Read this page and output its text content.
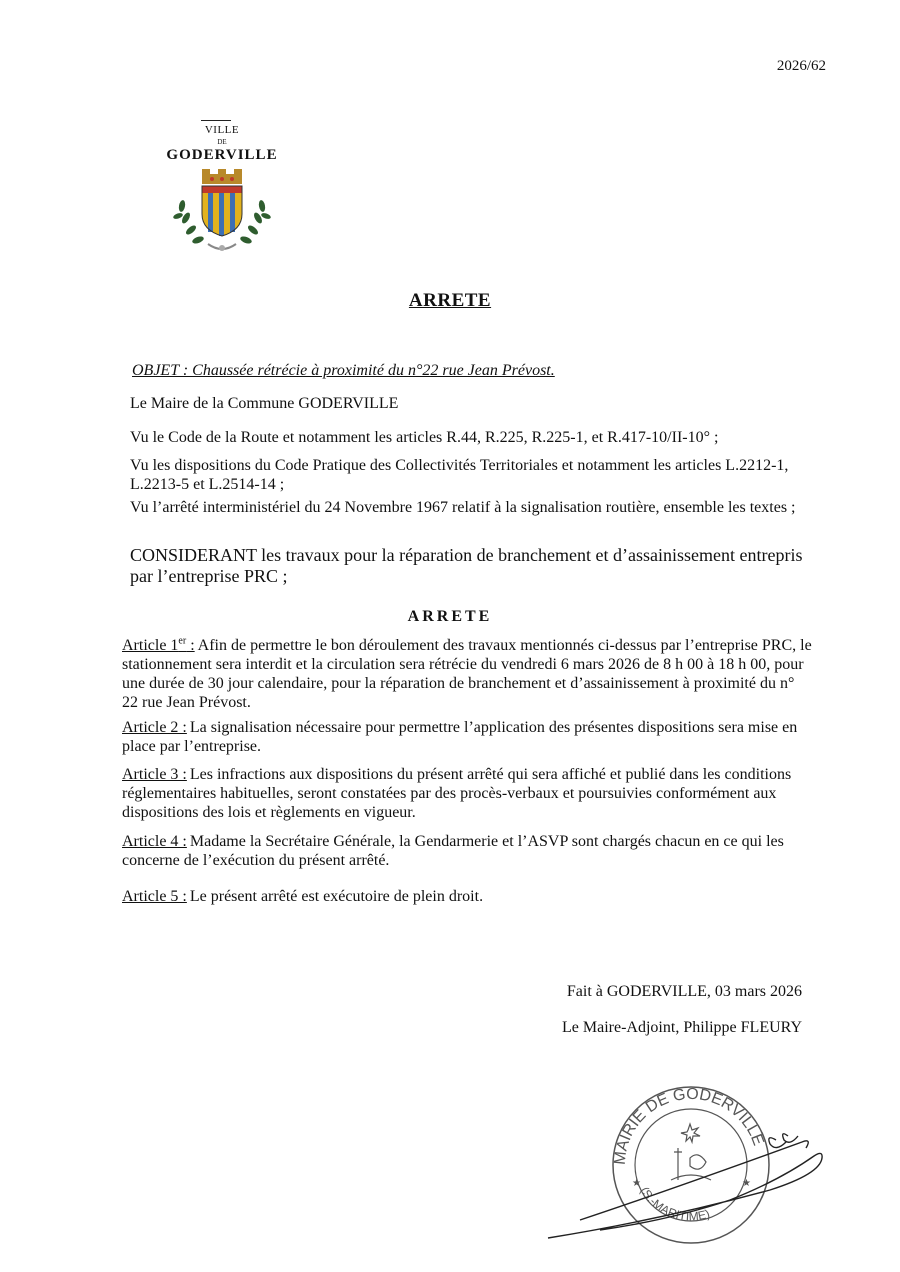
2026/62
VILLE
DE
GODERVILLE
ARRETE
OBJET : Chaussée rétrécie à proximité du n°22 rue Jean Prévost.
Le Maire de la Commune GODERVILLE
Vu le Code de la Route et notamment les articles R.44, R.225, R.225-1, et R.417-10/II-10° ;
Vu les dispositions du Code Pratique des Collectivités Territoriales et notamment les articles L.2212-1, L.2213-5 et L.2514-14 ;
Vu l’arrêté interministériel du 24 Novembre 1967 relatif à la signalisation routière, ensemble les textes ;
CONSIDERANT les travaux pour la réparation de branchement et d’assainissement entrepris par l’entreprise PRC ;
ARRETE
Article 1er : Afin de permettre le bon déroulement des travaux mentionnés ci-dessus par l’entreprise PRC, le stationnement sera interdit et la circulation sera rétrécie du vendredi 6 mars 2026 de 8 h 00 à 18 h 00, pour une durée de 30 jour calendaire, pour la réparation de branchement et d’assainissement à proximité du n° 22 rue Jean Prévost.
Article 2 : La signalisation nécessaire pour permettre l’application des présentes dispositions sera mise en place par l’entreprise.
Article 3 : Les infractions aux dispositions du présent arrêté qui sera affiché et publié dans les conditions réglementaires habituelles, seront constatées par des procès-verbaux et poursuivies conformément aux dispositions des lois et règlements en vigueur.
Article 4 : Madame la Secrétaire Générale, la Gendarmerie et l’ASVP sont chargés chacun en ce qui les concerne de l’exécution du présent arrêté.
Article 5 : Le présent arrêté est exécutoire de plein droit.
Fait à GODERVILLE, 03 mars 2026
Le Maire-Adjoint, Philippe FLEURY
MAIRIE DE GODERVILLE
(S.-MARITIME)
★	★
